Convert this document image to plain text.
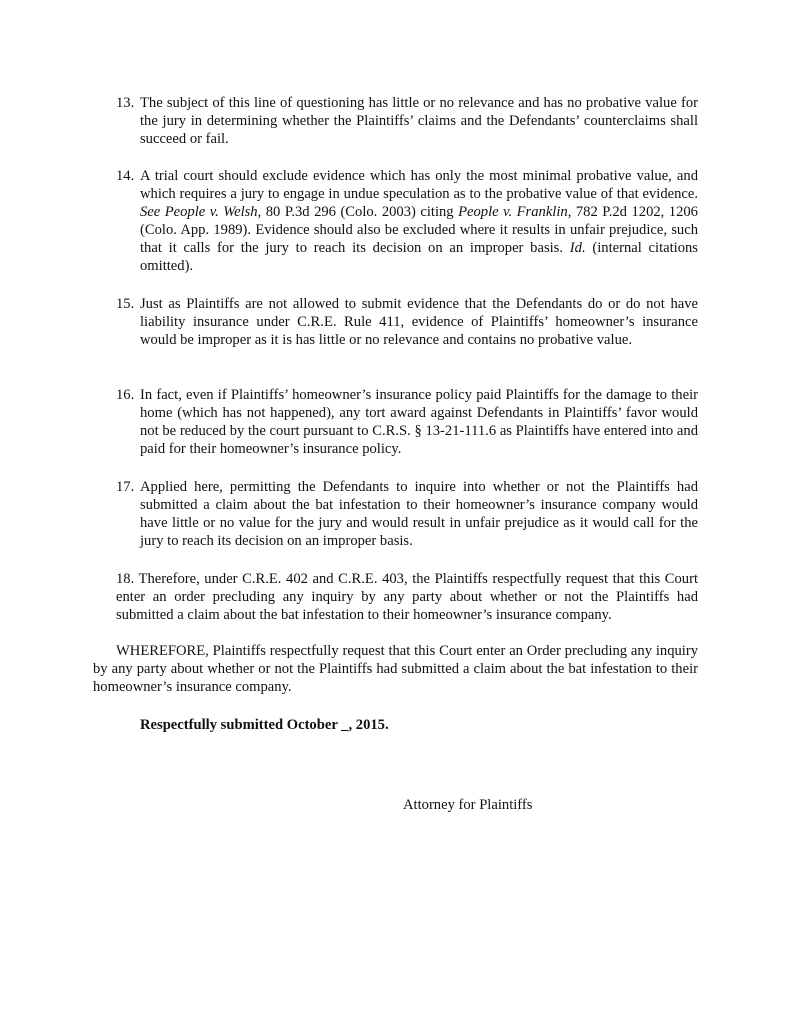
13. The subject of this line of questioning has little or no relevance and has no probative value for the jury in determining whether the Plaintiffs’ claims and the Defendants’ counterclaims shall succeed or fail.
14. A trial court should exclude evidence which has only the most minimal probative value, and which requires a jury to engage in undue speculation as to the probative value of that evidence. See People v. Welsh, 80 P.3d 296 (Colo. 2003) citing People v. Franklin, 782 P.2d 1202, 1206 (Colo. App. 1989). Evidence should also be excluded where it results in unfair prejudice, such that it calls for the jury to reach its decision on an improper basis. Id. (internal citations omitted).
15. Just as Plaintiffs are not allowed to submit evidence that the Defendants do or do not have liability insurance under C.R.E. Rule 411, evidence of Plaintiffs’ homeowner’s insurance would be improper as it is has little or no relevance and contains no probative value.
16. In fact, even if Plaintiffs’ homeowner’s insurance policy paid Plaintiffs for the damage to their home (which has not happened), any tort award against Defendants in Plaintiffs’ favor would not be reduced by the court pursuant to C.R.S. § 13-21-111.6 as Plaintiffs have entered into and paid for their homeowner’s insurance policy.
17. Applied here, permitting the Defendants to inquire into whether or not the Plaintiffs had submitted a claim about the bat infestation to their homeowner’s insurance company would have little or no value for the jury and would result in unfair prejudice as it would call for the jury to reach its decision on an improper basis.
18. Therefore, under C.R.E. 402 and C.R.E. 403, the Plaintiffs respectfully request that this Court enter an order precluding any inquiry by any party about whether or not the Plaintiffs had submitted a claim about the bat infestation to their homeowner’s insurance company.
WHEREFORE, Plaintiffs respectfully request that this Court enter an Order precluding any inquiry by any party about whether or not the Plaintiffs had submitted a claim about the bat infestation to their homeowner’s insurance company.
Respectfully submitted October _, 2015.
Attorney for Plaintiffs
